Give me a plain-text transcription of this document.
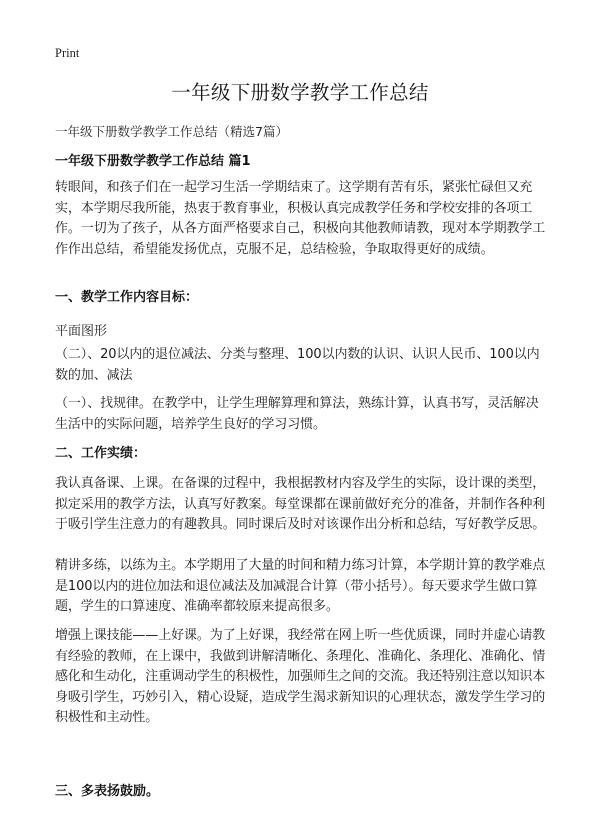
Print
一年级下册数学教学工作总结
一年级下册数学教学工作总结（精选7篇）
一年级下册数学教学工作总结 篇1

转眼间，和孩子们在一起学习生活一学期结束了。这学期有苦有乐，紧张忙碌但又充实，本学期尽我所能，热衷于教育事业，积极认真完成教学任务和学校安排的各项工作。一切为了孩子，从各方面严格要求自己，积极向其他教师请教，现对本学期教学工作作出总结，希望能发扬优点，克服不足，总结检验，争取取得更好的成绩。

一、教学工作内容目标：

平面图形

（二）、20以内的退位减法、分类与整理、100以内数的认识、认识人民币、100以内数的加、减法

（一）、找规律。在教学中，让学生理解算理和算法，熟练计算，认真书写，灵活解决生活中的实际问题，培养学生良好的学习习惯。

二、工作实绩：

我认真备课、上课。在备课的过程中，我根据教材内容及学生的实际，设计课的类型，拟定采用的教学方法，认真写好教案。每堂课都在课前做好充分的准备，并制作各种利于吸引学生注意力的有趣教具。同时课后及时对该课作出分析和总结，写好教学反思。

精讲多练，以练为主。本学期用了大量的时间和精力练习计算，本学期计算的教学难点是100以内的进位加法和退位减法及加减混合计算（带小括号）。每天要求学生做口算题，学生的口算速度、准确率都较原来提高很多。

增强上课技能——上好课。为了上好课，我经常在网上听一些优质课，同时并虚心请教有经验的教师，在上课中，我做到讲解清晰化、条理化、准确化、条理化、准确化、情感化和生动化，注重调动学生的积极性，加强师生之间的交流。我还特别注意以知识本身吸引学生，巧妙引入，精心设疑，造成学生渴求新知识的心理状态，激发学生学习的积极性和主动性。

三、多表扬鼓励。
